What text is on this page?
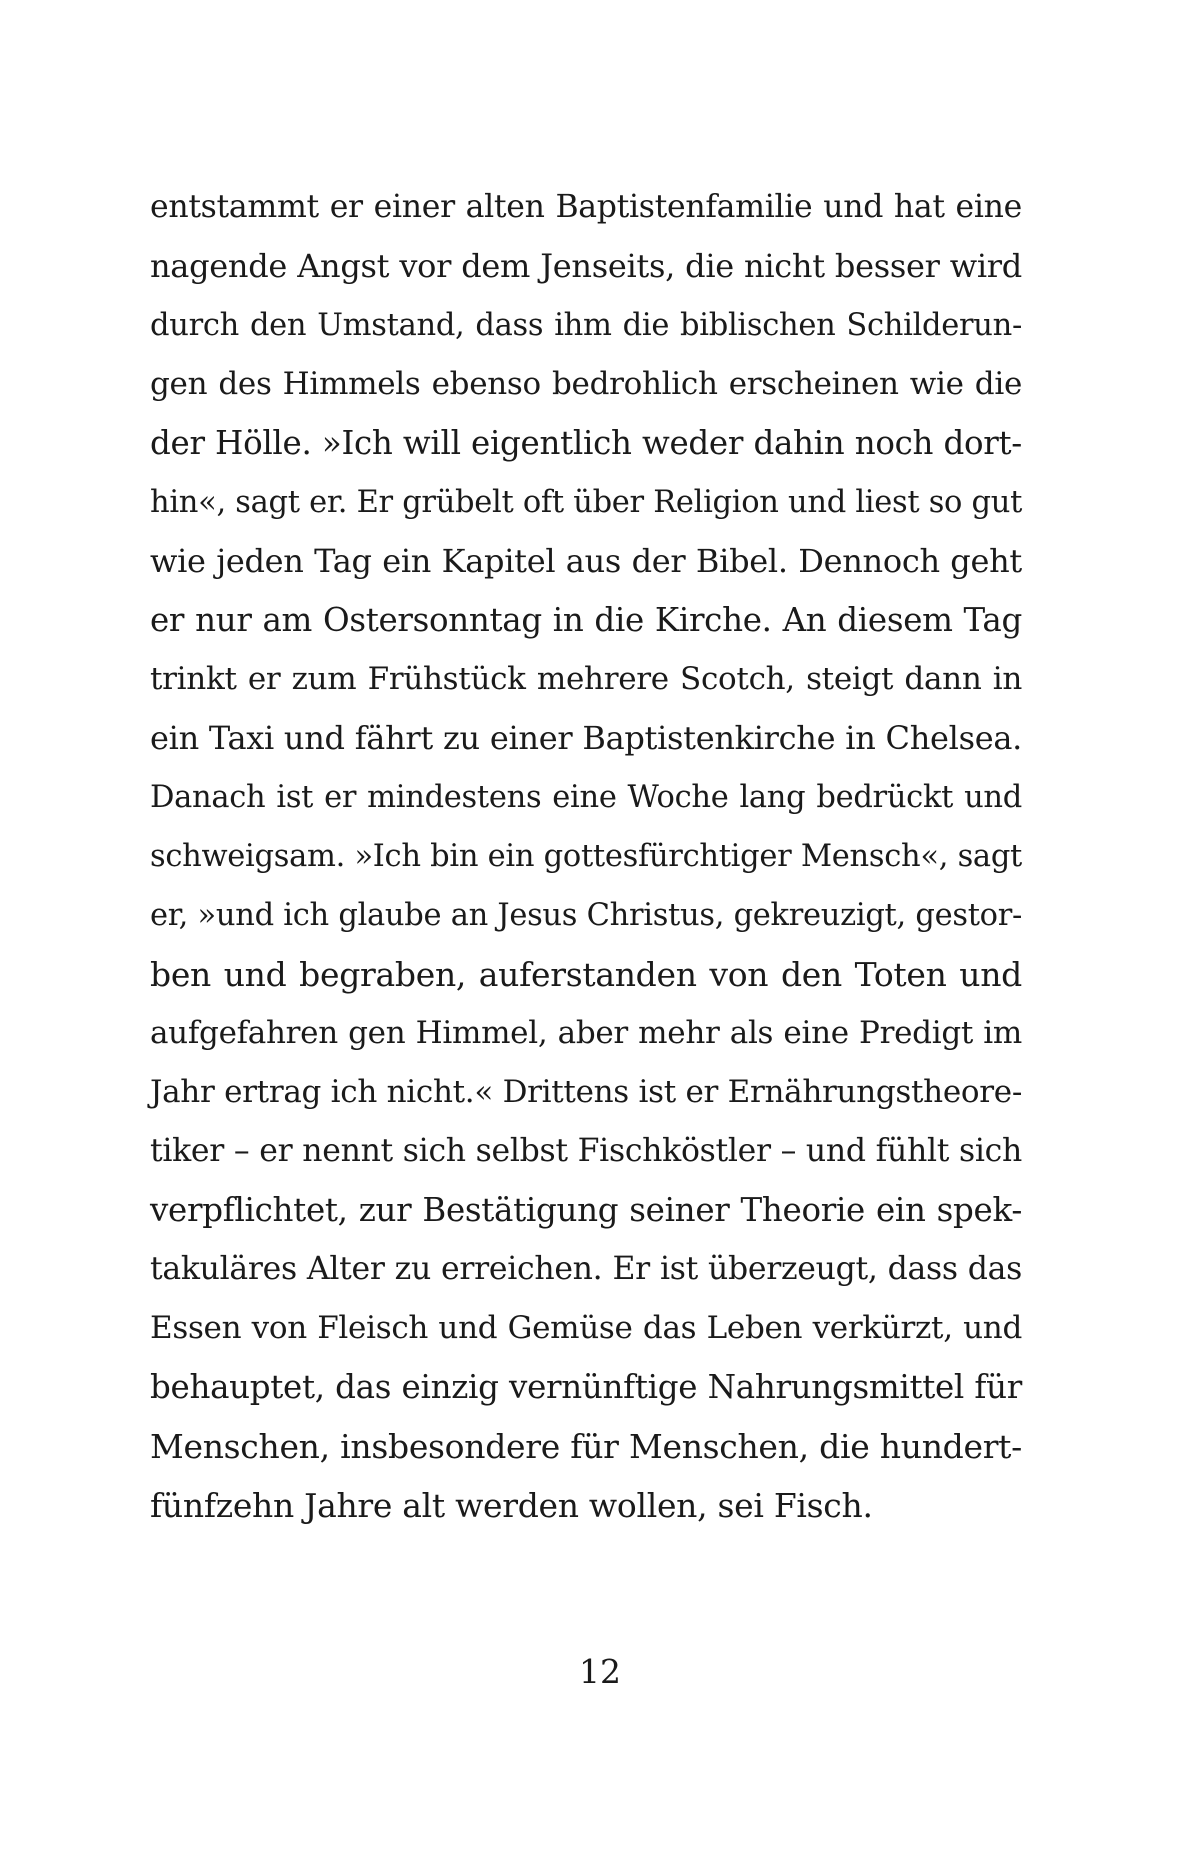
entstammt er einer alten Baptistenfamilie und hat eine
nagende Angst vor dem Jenseits, die nicht besser wird
durch den Umstand, dass ihm die biblischen Schilderun-
gen des Himmels ebenso bedrohlich erscheinen wie die
der Hölle. »Ich will eigentlich weder dahin noch dort-
hin«, sagt er. Er grübelt oft über Religion und liest so gut
wie jeden Tag ein Kapitel aus der Bibel. Dennoch geht
er nur am Ostersonntag in die Kirche. An diesem Tag
trinkt er zum Frühstück mehrere Scotch, steigt dann in
ein Taxi und fährt zu einer Baptistenkirche in Chelsea.
Danach ist er mindestens eine Woche lang bedrückt und
schweigsam. »Ich bin ein gottesfürchtiger Mensch«, sagt
er, »und ich glaube an Jesus Christus, gekreuzigt, gestor-
ben und begraben, auferstanden von den Toten und
aufgefahren gen Himmel, aber mehr als eine Predigt im
Jahr ertrag ich nicht.« Drittens ist er Ernährungstheore-
tiker – er nennt sich selbst Fischköstler – und fühlt sich
verpflichtet, zur Bestätigung seiner Theorie ein spek-
takuläres Alter zu erreichen. Er ist überzeugt, dass das
Essen von Fleisch und Gemüse das Leben verkürzt, und
behauptet, das einzig vernünftige Nahrungsmittel für
Menschen, insbesondere für Menschen, die hundert-
fünfzehn Jahre alt werden wollen, sei Fisch.
12
